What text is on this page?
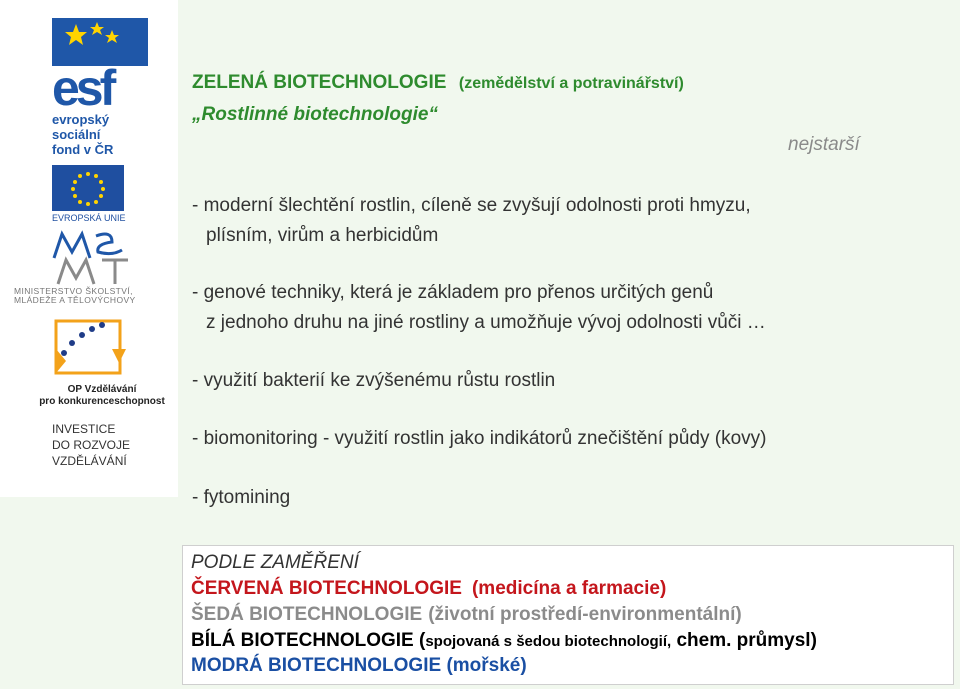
esf
evropský
sociální
fond v ČR
EVROPSKÁ UNIE
MINISTERSTVO ŠKOLSTVÍ,
MLÁDEŽE A TĚLOVÝCHOVY
OP Vzdělávání
pro konkurenceschopnost
INVESTICE
DO ROZVOJE
VZDĚLÁVÁNÍ
ZELENÁ BIOTECHNOLOGIE (zemědělství a potravinářství)
„Rostlinné biotechnologie“
nejstarší
- moderní šlechtění rostlin, cíleně se zvyšují odolnosti proti hmyzu,
plísním, virům a herbicidům
- genové techniky, která je základem pro přenos určitých genů
z jednoho druhu na jiné rostliny a umožňuje vývoj odolnosti vůči …
- využití bakterií ke zvýšenému růstu rostlin
- biomonitoring - využití rostlin jako indikátorů znečištění půdy (kovy)
- fytomining
PODLE ZAMĚŘENÍ
ČERVENÁ BIOTECHNOLOGIE (medicína a farmacie)
ŠEDÁ BIOTECHNOLOGIE (životní prostředí-environmentální)
BÍLÁ BIOTECHNOLOGIE (spojovaná s šedou biotechnologií, chem. průmysl)
MODRÁ BIOTECHNOLOGIE (mořské)
